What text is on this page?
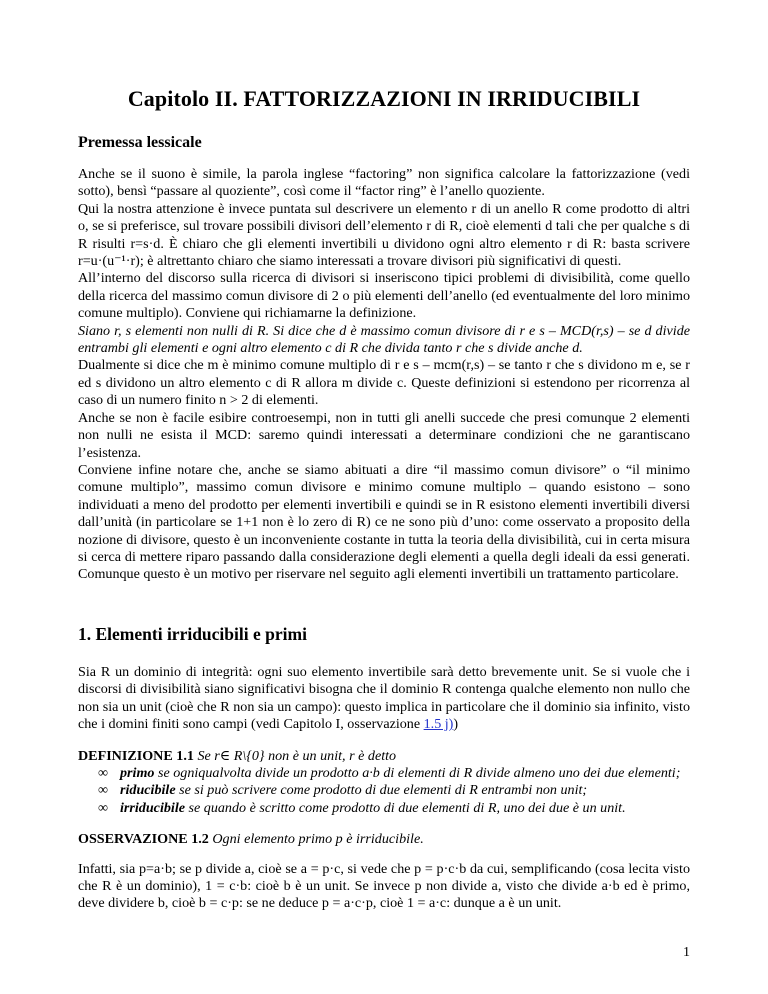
Capitolo II. FATTORIZZAZIONI IN IRRIDUCIBILI
Premessa lessicale

Anche se il suono è simile, la parola inglese “factoring” non significa calcolare la fattorizzazione (vedi sotto), bensì “passare al quoziente”, così come il “factor ring” è l’anello quoziente.

Qui la nostra attenzione è invece puntata sul descrivere un elemento r di un anello R come prodotto di altri o, se si preferisce, sul trovare possibili divisori dell’elemento r di R, cioè elementi d tali che per qualche s di R risulti r=s·d. È chiaro che gli elementi invertibili u dividono ogni altro elemento r di R: basta scrivere r=u·(u⁻¹·r); è altrettanto chiaro che siamo interessati a trovare divisori più significativi di questi.

All’interno del discorso sulla ricerca di divisori si inseriscono tipici problemi di divisibilità, come quello della ricerca del massimo comun divisore di 2 o più elementi dell’anello (ed eventualmente del loro minimo comune multiplo). Conviene qui richiamarne la definizione.

Siano r, s elementi non nulli di R. Si dice che d è massimo comun divisore di r e s – MCD(r,s) – se d divide entrambi gli elementi e ogni altro elemento c di R che divida tanto r che s divide anche d.

Dualmente si dice che m è minimo comune multiplo di r e s – mcm(r,s) – se tanto r che s dividono m e, se r ed s dividono un altro elemento c di R allora m divide c. Queste definizioni si estendono per ricorrenza al caso di un numero finito n > 2 di elementi.

Anche se non è facile esibire controesempi, non in tutti gli anelli succede che presi comunque 2 elementi non nulli ne esista il MCD: saremo quindi interessati a determinare condizioni che ne garantiscano l’esistenza.

Conviene infine notare che, anche se siamo abituati a dire “il massimo comun divisore” o “il minimo comune multiplo”, massimo comun divisore e minimo comune multiplo – quando esistono – sono individuati a meno del prodotto per elementi invertibili e quindi se in R esistono elementi invertibili diversi dall’unità (in particolare se 1+1 non è lo zero di R) ce ne sono più d’uno: come osservato a proposito della nozione di divisore, questo è un inconveniente costante in tutta la teoria della divisibilità, cui in certa misura si cerca di mettere riparo passando dalla considerazione degli elementi a quella degli ideali da essi generati. Comunque questo è un motivo per riservare nel seguito agli elementi invertibili un trattamento particolare.

1. Elementi irriducibili e primi

Sia R un dominio di integrità: ogni suo elemento invertibile sarà detto brevemente unit. Se si vuole che i discorsi di divisibilità siano significativi bisogna che il dominio R contenga qualche elemento non nullo che non sia un unit (cioè che R non sia un campo): questo implica in particolare che il dominio sia infinito, visto che i domini finiti sono campi (vedi Capitolo I, osservazione 1.5 j))

DEFINIZIONE 1.1 Se r∈ R\{0} non è un unit, r è detto

∞ primo se ogniqualvolta divide un prodotto a·b di elementi di R divide almeno uno dei due elementi;
∞ riducibile se si può scrivere come prodotto di due elementi di R entrambi non unit;
∞ irriducibile se quando è scritto come prodotto di due elementi di R, uno dei due è un unit.

OSSERVAZIONE 1.2 Ogni elemento primo p è irriducibile.

Infatti, sia p=a·b; se p divide a, cioè se a = p·c, si vede che p = p·c·b da cui, semplificando (cosa lecita visto che R è un dominio), 1 = c·b: cioè b è un unit. Se invece p non divide a, visto che divide a·b ed è primo, deve dividere b, cioè b = c·p: se ne deduce p = a·c·p, cioè 1 = a·c: dunque a è un unit.

1
